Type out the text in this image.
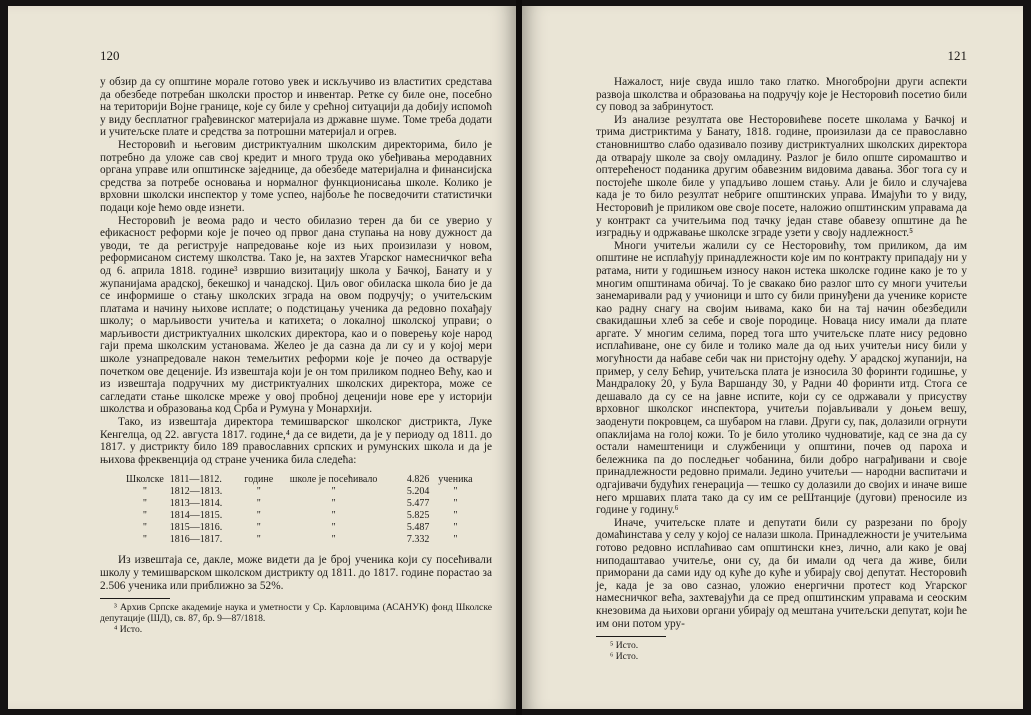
120

у обзир да су општине морале готово увек и искључиво из властитих средстава да обезбеде потребан школски простор и инвентар. Ретке су биле оне, посебно на територији Војне границе, које су биле у срећној ситуацији да добију испомоћ у виду бесплатног грађевинског материјала из државне шуме. Томе треба додати и учитељске плате и средства за потрошни материјал и огрев.

Несторовић и његовим дистриктуалним школским директорима, било је потребно да уложе сав свој кредит и много труда око убеђивања меродавних органа управе или општинске заједнице, да обезбеде материјална и финансијска средства за потребе основања и нормалног функционисања школе. Колико је врховни школски инспектор у томе успео, најбоље ће посведочити статистички подаци које ћемо овде изнети.

Несторовић је веома радо и често обилазио терен да би се уверио у ефикасност реформи које је почео од првог дана ступања на нову дужност да уводи, те да региструје напредовање које из њих произилази у новом, реформисаном систему школства. Тако је, на захтев Угарског намесничког већа од 6. априла 1818. године³ извршио визитацију школа у Бачкој, Банату и у жупанијама арадској, бекешкој и чанадској. Циљ овог обиласка школа био је да се информише о стању школских зграда на овом подручју; о учитељским платама и начину њихове исплате; о подстицању ученика да редовно похађају школу; о марљивости учитеља и катихета; о локалној школској управи; о марљивости дистриктуалних школских директора, као и о поверењу које народ гаји према школским установама. Желео је да сазна да ли су и у којој мери школе узнапредовале након темељитих реформи које је почео да остварује почетком ове деценије. Из извештаја који је он том приликом поднео Већу, као и из извештаја подручних му дистриктуалних школских директора, може се сагледати стање школске мреже у овој пробној деценији нове ере у историји школства и образовања код Срба и Румуна у Монархији.

Тако, из извештаја директора темишварског школског дистрикта, Луке Кенгелца, од 22. августа 1817. године,⁴ да се видети, да је у периоду од 1811. до 1817. у дистрикту било 189 православних српских и румунских школа и да је њихова фреквенција од стране ученика била следећа:

Школске	1811—1812.	године	школе је посећивало	4.826	ученика
"	1812—1813.	"	"	5.204	"
"	1813—1814.	"	"	5.477	"
"	1814—1815.	"	"	5.825	"
"	1815—1816.	"	"	5.487	"
"	1816—1817.	"	"	7.332	"

Из извештаја се, дакле, може видети да је број ученика који су посећивали школу у темишварском школском дистрикту од 1811. до 1817. године порастао за 2.506 ученика или приближно за 52%.

³ Архив Српске академије наука и уметности у Ср. Карловцима (АСАНУК) фонд Школске депутације (ШД), св. 87, бр. 9—87/1818.

⁴ Исто.

121

Нажалост, није свуда ишло тако глатко. Многобројни други аспекти развоја школства и образовања на подручју које је Несторовић посетио били су повод за забринутост.

Из анализе резултата ове Несторовићеве посете школама у Бачкој и трима дистриктима у Банату, 1818. године, произилази да се православно становништво слабо одазивало позиву дистриктуалних школских директора да отварају школе за своју омладину. Разлог је било опште сиромаштво и оптерећеност поданика другим обавезним видовима давања. Због тога су и постојеће школе биле у упадљиво лошем стању. Али је било и случајева када је то било резултат небриге општинских управа. Имајући то у виду, Несторовић је приликом ове своје посете, наложио општинским управама да у контракт са учитељима под тачку један ставе обавезу општине да ће изградњу и одржавање школске зграде узети у своју надлежност.⁵

Многи учитељи жалили су се Несторовићу, том приликом, да им општине не исплаћују принадлежности које им по контракту припадају ни у ратама, нити у годишњем износу након истека школске године како је то у многим општинама обичај. То је свакако био разлог што су многи учитељи занемаривали рад у учионици и што су били принуђени да ученике користе као радну снагу на својим њивама, како би на тај начин обезбедили свакидашњи хлеб за себе и своје породице. Новаца нису имали да плате аргате. У многим селима, поред тога што учитељске плате нису редовно исплаћиване, оне су биле и толико мале да од њих учитељи нису били у могућности да набаве себи чак ни пристојну одећу. У арадској жупанији, на пример, у селу Бећир, учитељска плата је износила 30 форинти годишње, у Мандралоку 20, у Була Варшанду 30, у Радни 40 форинти итд. Стога се дешавало да су се на јавне испите, који су се одржавали у присуству врховног школског инспектора, учитељи појављивали у доњем вешу, заоденути покровцем, са шубаром на глави. Други су, пак, долазили огрнути опаклијама на голој кожи. То је било утолико чудноватије, кад се зна да су остали намештеници и службеници у општини, почев од пароха и бележника па до последњег чобанина, били добро награђивани и своје принадлежности редовно примали. Једино учитељи — народни васпитачи и одгајивачи будућих генерација — тешко су долазили до својих и иначе више него мршавих плата тако да су им се реШтанције (дугови) преносиле из године у годину.⁶

Иначе, учитељске плате и депутати били су разрезани по броју домаћинстава у селу у којој се налази школа. Принадлежности је учитељима готово редовно исплаћивао сам општински кнез, лично, али како је овај ниподаштавао учитеље, они су, да би имали од чега да живе, били приморани да сами иду од куће до куће и убирају свој депутат. Несторовић је, када је за ово сазнао, уложио енергични протест код Угарског намесничког већа, захтевајући да се пред општинским управама и сеоским кнезовима да њихови органи убирају од мештана учитељски депутат, који ће им они потом уру-

⁵ Исто.

⁶ Исто.
